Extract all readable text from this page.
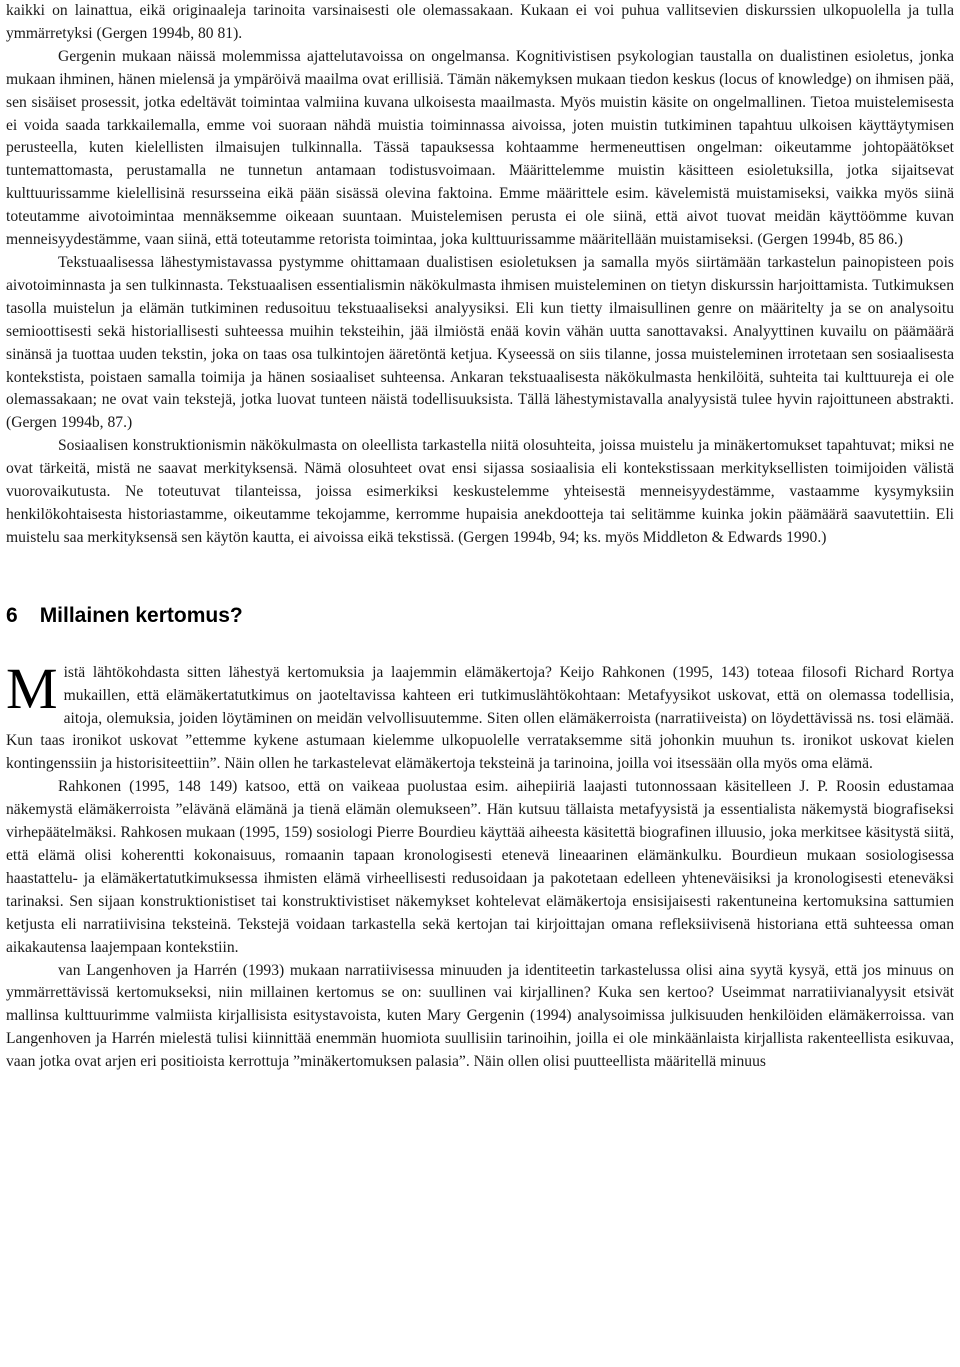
kaikki on lainattua, eikä originaaleja tarinoita varsinaisesti ole olemassakaan. Kukaan ei voi puhua vallitsevien diskurssien ulkopuolella ja tulla ymmärretyksi (Gergen 1994b, 80 81).

Gergenin mukaan näissä molemmissa ajattelutavoissa on ongelmansa. Kognitivistisen psykologian taustalla on dualistinen esioletus, jonka mukaan ihminen, hänen mielensä ja ympäröivä maailma ovat erillisiä. Tämän näkemyksen mukaan tiedon keskus (locus of knowledge) on ihmisen pää, sen sisäiset prosessit, jotka edeltävät toimintaa valmiina kuvana ulkoisesta maailmasta. Myös muistin käsite on ongelmallinen. Tietoa muistelemisesta ei voida saada tarkkailemalla, emme voi suoraan nähdä muistia toiminnassa aivoissa, joten muistin tutkiminen tapahtuu ulkoisen käyttäytymisen perusteella, kuten kielellisten ilmaisujen tulkinnalla. Tässä tapauksessa kohtaamme hermeneuttisen ongelman: oikeutamme johtopäätökset tuntemattomasta, perustamalla ne tunnetun antamaan todistusvoimaan. Määrittelemme muistin käsitteen esioletuksilla, jotka sijaitsevat kulttuurissamme kielellisinä resursseina eikä pään sisässä olevina faktoina. Emme määrittele esim. kävelemistä muistamiseksi, vaikka myös siinä toteutamme aivotoimintaa mennäksemme oikeaan suuntaan. Muistelemisen perusta ei ole siinä, että aivot tuovat meidän käyttöömme kuvan menneisyydestämme, vaan siinä, että toteutamme retorista toimintaa, joka kulttuurissamme määritellään muistamiseksi. (Gergen 1994b, 85 86.)

Tekstuaalisessa lähestymistavassa pystymme ohittamaan dualistisen esioletuksen ja samalla myös siirtämään tarkastelun painopisteen pois aivotoiminnasta ja sen tulkinnasta. Tekstuaalisen essentialismin näkökulmasta ihmisen muisteleminen on tietyn diskurssin harjoittamista. Tutkimuksen tasolla muistelun ja elämän tutkiminen redusoituu tekstuaaliseksi analyysiksi. Eli kun tietty ilmaisullinen genre on määritelty ja se on analysoitu semioottisesti sekä historiallisesti suhteessa muihin teksteihin, jää ilmiöstä enää kovin vähän uutta sanottavaksi. Analyyttinen kuvailu on päämäärä sinänsä ja tuottaa uuden tekstin, joka on taas osa tulkintojen ääretöntä ketjua. Kyseessä on siis tilanne, jossa muisteleminen irrotetaan sen sosiaalisesta kontekstista, poistaen samalla toimija ja hänen sosiaaliset suhteensa. Ankaran tekstuaalisesta näkökulmasta henkilöitä, suhteita tai kulttuureja ei ole olemassakaan; ne ovat vain tekstejä, jotka luovat tunteen näistä todellisuuksista. Tällä lähestymistavalla analyysistä tulee hyvin rajoittuneen abstrakti. (Gergen 1994b, 87.)

Sosiaalisen konstruktionismin näkökulmasta on oleellista tarkastella niitä olosuhteita, joissa muistelu ja minäkertomukset tapahtuvat; miksi ne ovat tärkeitä, mistä ne saavat merkityksensä. Nämä olosuhteet ovat ensi sijassa sosiaalisia eli kontekstissaan merkityksellisten toimijoiden välistä vuorovaikutusta. Ne toteutuvat tilanteissa, joissa esimerkiksi keskustelemme yhteisestä menneisyydestämme, vastaamme kysymyksiin henkilökohtaisesta historiastamme, oikeutamme tekojamme, kerromme hupaisia anekdootteja tai selitämme kuinka jokin päämäärä saavutettiin. Eli muistelu saa merkityksensä sen käytön kautta, ei aivoissa eikä tekstissä. (Gergen 1994b, 94; ks. myös Middleton & Edwards 1990.)

6 Millainen kertomus?

Mistä lähtökohdasta sitten lähestyä kertomuksia ja laajemmin elämäkertoja? Keijo Rahkonen (1995, 143) toteaa filosofi Richard Rortya mukaillen, että elämäkertatutkimus on jaoteltavissa kahteen eri tutkimuslähtökohtaan: Metafyysikot uskovat, että on olemassa todellisia, aitoja, olemuksia, joiden löytäminen on meidän velvollisuutemme. Siten ollen elämäkerroista (narratiiveista) on löydettävissä ns. tosi elämää. Kun taas ironikot uskovat ”ettemme kykene astumaan kielemme ulkopuolelle verrataksemme sitä johonkin muuhun ts. ironikot uskovat kielen kontingenssiin ja historisiteettiin”. Näin ollen he tarkastelevat elämäkertoja teksteinä ja tarinoina, joilla voi itsessään olla myös oma elämä.

Rahkonen (1995, 148 149) katsoo, että on vaikeaa puolustaa esim. aihepiiriä laajasti tutonnossaan käsitelleen J. P. Roosin edustamaa näkemystä elämäkerroista ”elävänä elämänä ja tienä elämän olemukseen”. Hän kutsuu tällaista metafyysistä ja essentialista näkemystä biografiseksi virhepäätelmäksi. Rahkosen mukaan (1995, 159) sosiologi Pierre Bourdieu käyttää aiheesta käsitettä biografinen illuusio, joka merkitsee käsitystä siitä, että elämä olisi koherentti kokonaisuus, romaanin tapaan kronologisesti etenevä lineaarinen elämänkulku. Bourdieun mukaan sosiologisessa haastattelu- ja elämäkertatutkimuksessa ihmisten elämä virheellisesti redusoidaan ja pakotetaan edelleen yhteneväisiksi ja kronologisesti eteneväksi tarinaksi. Sen sijaan konstruktionistiset tai konstruktivistiset näkemykset kohtelevat elämäkertoja ensisijaisesti rakentuneina kertomuksina sattumien ketjusta eli narratiivisina teksteinä. Tekstejä voidaan tarkastella sekä kertojan tai kirjoittajan omana refleksiivisenä historiana että suhteessa oman aikakautensa laajempaan kontekstiin.

van Langenhoven ja Harrén (1993) mukaan narratiivisessa minuuden ja identiteetin tarkastelussa olisi aina syytä kysyä, että jos minuus on ymmärrettävissä kertomukseksi, niin millainen kertomus se on: suullinen vai kirjallinen? Kuka sen kertoo? Useimmat narratiivianalyysit etsivät mallinsa kulttuurimme valmiista kirjallisista esitystavoista, kuten Mary Gergenin (1994) analysoimissa julkisuuden henkilöiden elämäkerroissa. van Langenhoven ja Harrén mielestä tulisi kiinnittää enemmän huomiota suullisiin tarinoihin, joilla ei ole minkäänlaista kirjallista rakenteellista esikuvaa, vaan jotka ovat arjen eri positioista kerrottuja ”minäkertomuksen palasia”. Näin ollen olisi puutteellista määritellä minuus
